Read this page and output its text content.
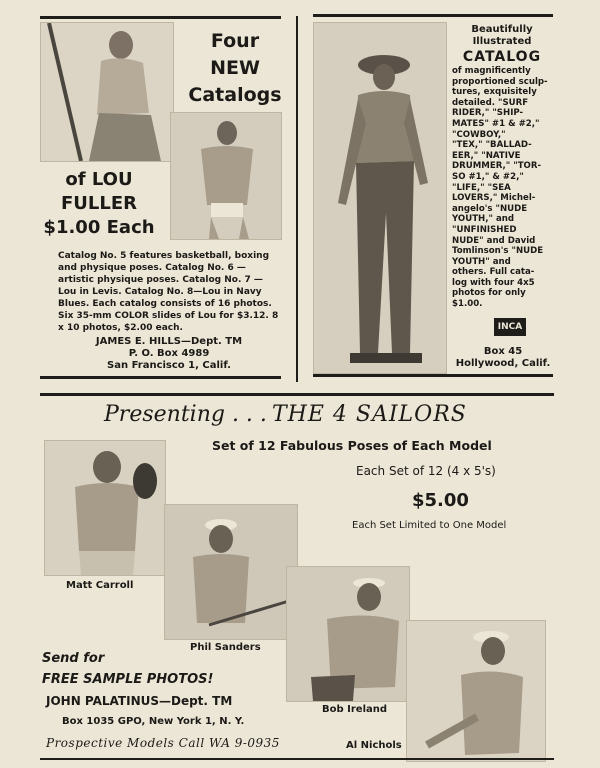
Four
NEW
Catalogs
of LOU
FULLER
$1.00 Each
Catalog No. 5 features basketball, boxing and physique poses. Catalog No. 6 —artistic physique poses. Catalog No. 7 —Lou in Levis. Catalog No. 8—Lou in Navy Blues. Each catalog consists of 16 photos. Six 35-mm COLOR slides of Lou for $3.12. 8 x 10 photos, $2.00 each.
JAMES E. HILLS—Dept. TM
P. O. Box 4989
San Francisco 1, Calif.
Beautifully
Illustrated
CATALOG
of magnificently
proportioned sculp-
tures, exquisitely
detailed. "SURF
RIDER," "SHIP-
MATES" #1 & #2,"
"COWBOY,"
"TEX," "BALLAD-
EER," "NATIVE
DRUMMER," "TOR-
SO #1," & #2,"
"LIFE," "SEA
LOVERS," Michel-
angelo's "NUDE
YOUTH," and
"UNFINISHED
NUDE" and David
Tomlinson's "NUDE
YOUTH" and
others. Full cata-
log with four 4x5
photos for only
$1.00.
INCA
Box 45
Hollywood, Calif.
Presenting . . . THE 4 SAILORS
Set of 12 Fabulous Poses of Each Model
Each Set of 12 (4 x 5's)
$5.00
Each Set Limited to One Model
Matt Carroll
Phil Sanders
Bob Ireland
Al Nichols
Send for
FREE SAMPLE PHOTOS!
JOHN PALATINUS—Dept. TM
Box 1035 GPO, New York 1, N. Y.
Prospective Models Call WA 9-0935
